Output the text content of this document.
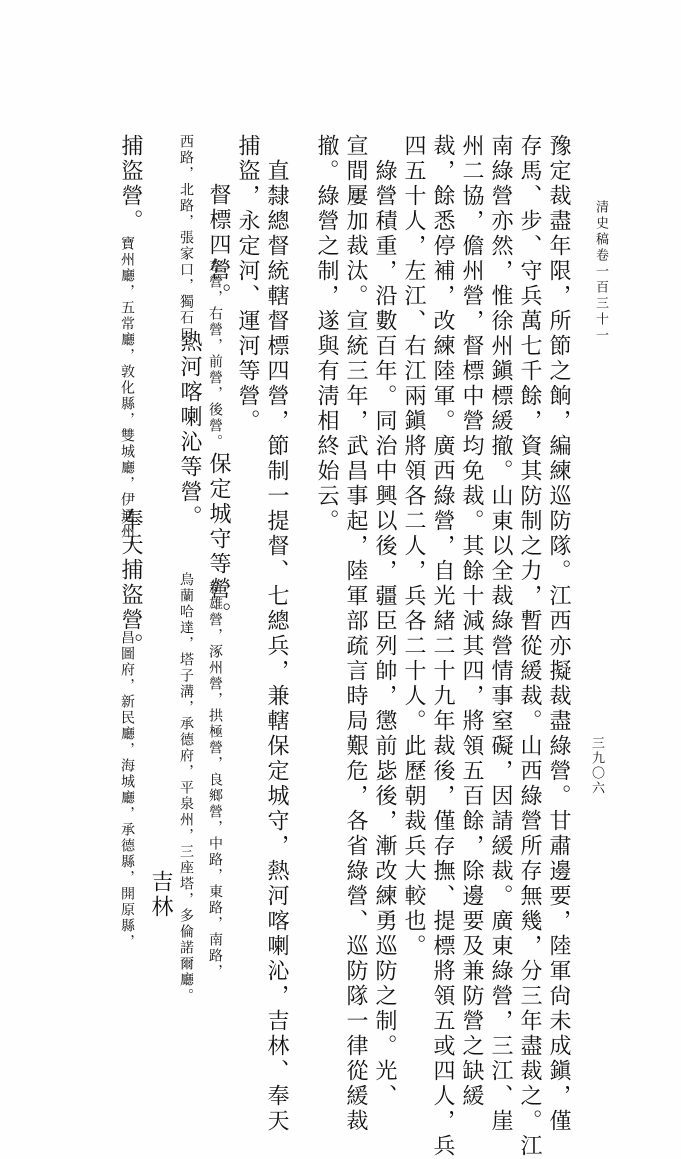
清史稿卷一百三十一
三九〇六
豫定裁盡年限，所節之餉，編練巡防隊。江西亦擬裁盡綠營。甘肅邊要，陸軍尙未成鎭，僅
存馬、步、守兵萬七千餘，資其防制之力，暫從緩裁。山西綠營所存無幾，分三年盡裁之。江
南綠營亦然，惟徐州鎭標緩撤。山東以全裁綠營情事窒礙，因請緩裁。廣東綠營，三江、崖
州二協，儋州營，督標中營均免裁。其餘十減其四，將領五百餘，除邊要及兼防營之缺緩
裁，餘悉停補，改練陸軍。廣西綠營，自光緒二十九年裁後，僅存撫、提標將領五或四人，兵
四五十人，左江、右江兩鎭將領各二人，兵各二十人。此歷朝裁兵大較也。
　綠營積重，沿數百年。同治中興以後，疆臣列帥，懲前毖後，漸改練勇巡防之制。光、
宣間屢加裁汰。宣統三年，武昌事起，陸軍部疏言時局艱危，各省綠營、巡防隊一律從緩裁
撤。綠營之制，遂與有淸相終始云。
　直隸總督統轄督標四營，節制一提督、七總兵，兼轄保定城守，熱河喀喇沁，吉林、奉天
捕盜，永定河、運河等營。
　督標四營。
左營，右營，前營，後營。
保定城守等營。
新雄營，涿州營，拱極營，良鄉營，中路，東路，南路，
西路，北路，張家口，獨石口。
熱河喀喇沁等營。
烏蘭哈達，塔子溝，承德府，平泉州，三座塔，多倫諾爾廳。
吉林
捕盜營。
寶州廳，五常廳，敦化縣，雙城廳，伊通州。
奉天捕盜營。
昌圖府，新民廳，海城廳，承德縣，開原縣，
